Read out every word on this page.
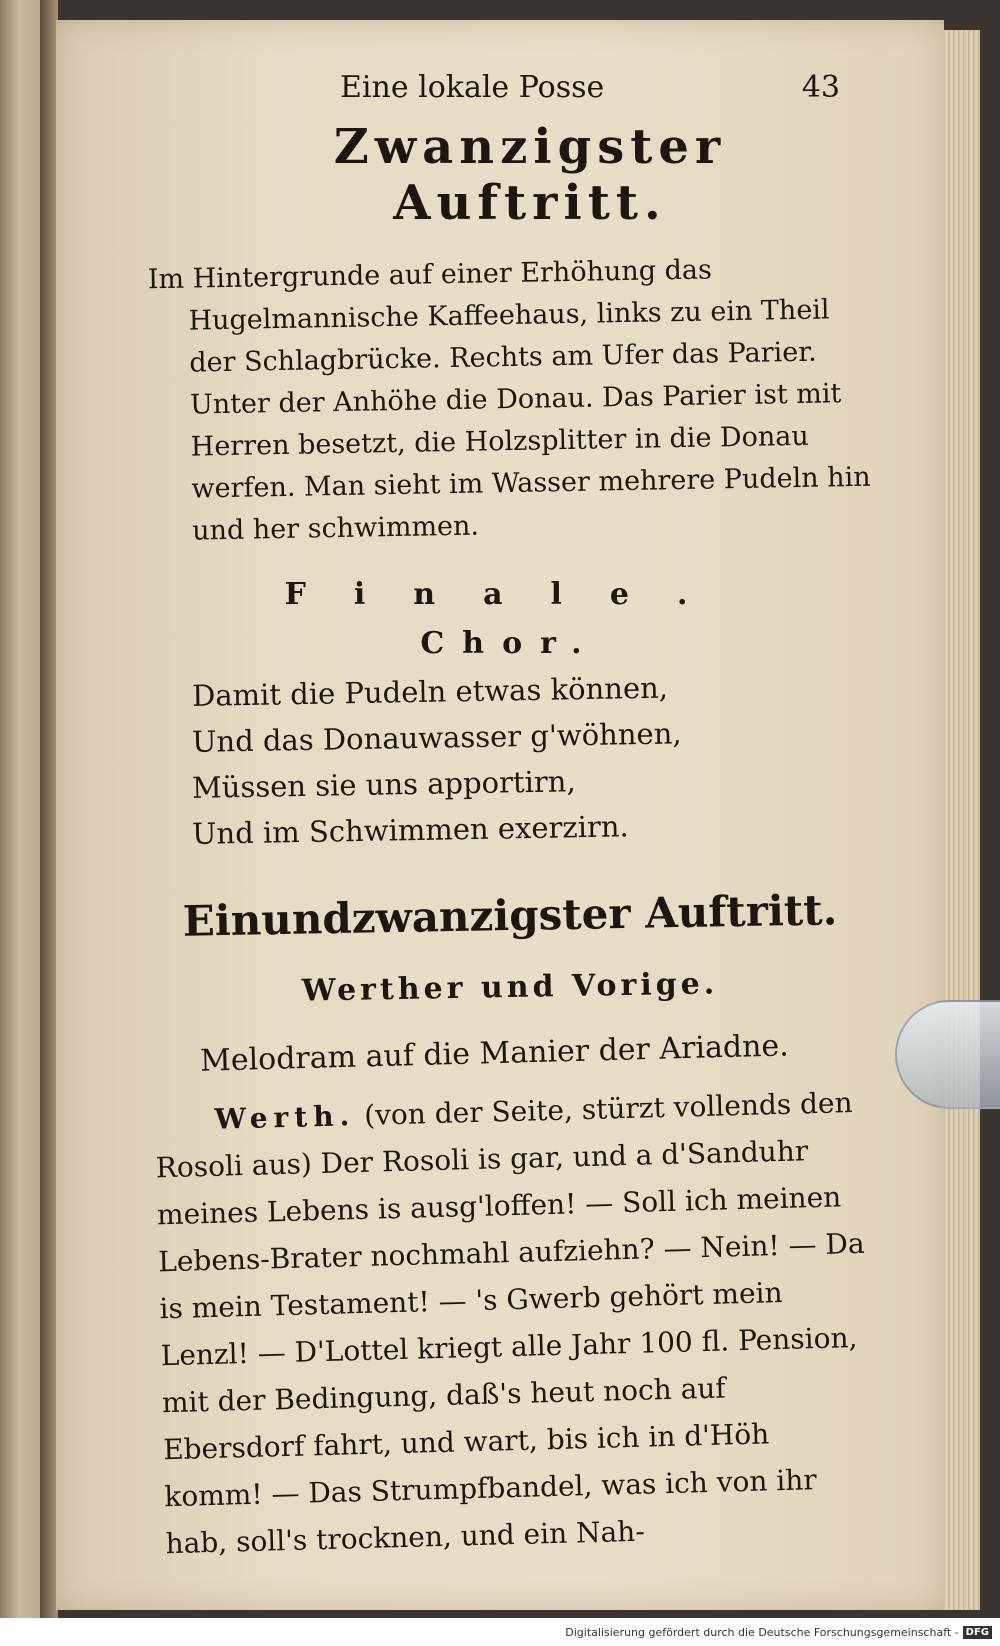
Eine lokale Posse	43
Zwanzigster Auftritt.
Im Hintergrunde auf einer Erhöhung das Hugelmannische Kaffeehaus, links zu ein Theil der Schlagbrücke. Rechts am Ufer das Parier. Unter der Anhöhe die Donau. Das Parier ist mit Herren besetzt, die Holzsplitter in die Donau werfen. Man sieht im Wasser mehrere Pudeln hin und her schwimmen.
Finale.
Chor.
Damit die Pudeln etwas können,
Und das Donauwasser g'wöhnen,
Müssen sie uns apportirn,
Und im Schwimmen exerzirn.
Einundzwanzigster Auftritt.
Werther und Vorige.
Melodram auf die Manier der Ariadne.
Werth. (von der Seite, stürzt vollends den Rosoli aus) Der Rosoli is gar, und a d'Sanduhr meines Lebens is ausg'loffen! — Soll ich meinen Lebens-Brater nochmahl aufziehn? — Nein! — Da is mein Testament! — 's Gwerb gehört mein Lenzl! — D'Lottel kriegt alle Jahr 100 fl. Pension, mit der Bedingung, daß's heut noch auf Ebersdorf fahrt, und wart, bis ich in d'Höh komm! — Das Strumpfbandel, was ich von ihr hab, soll's trocknen, und ein Nah-
Digitalisierung gefördert durch die Deutsche Forschungsgemeinschaft - DFG
